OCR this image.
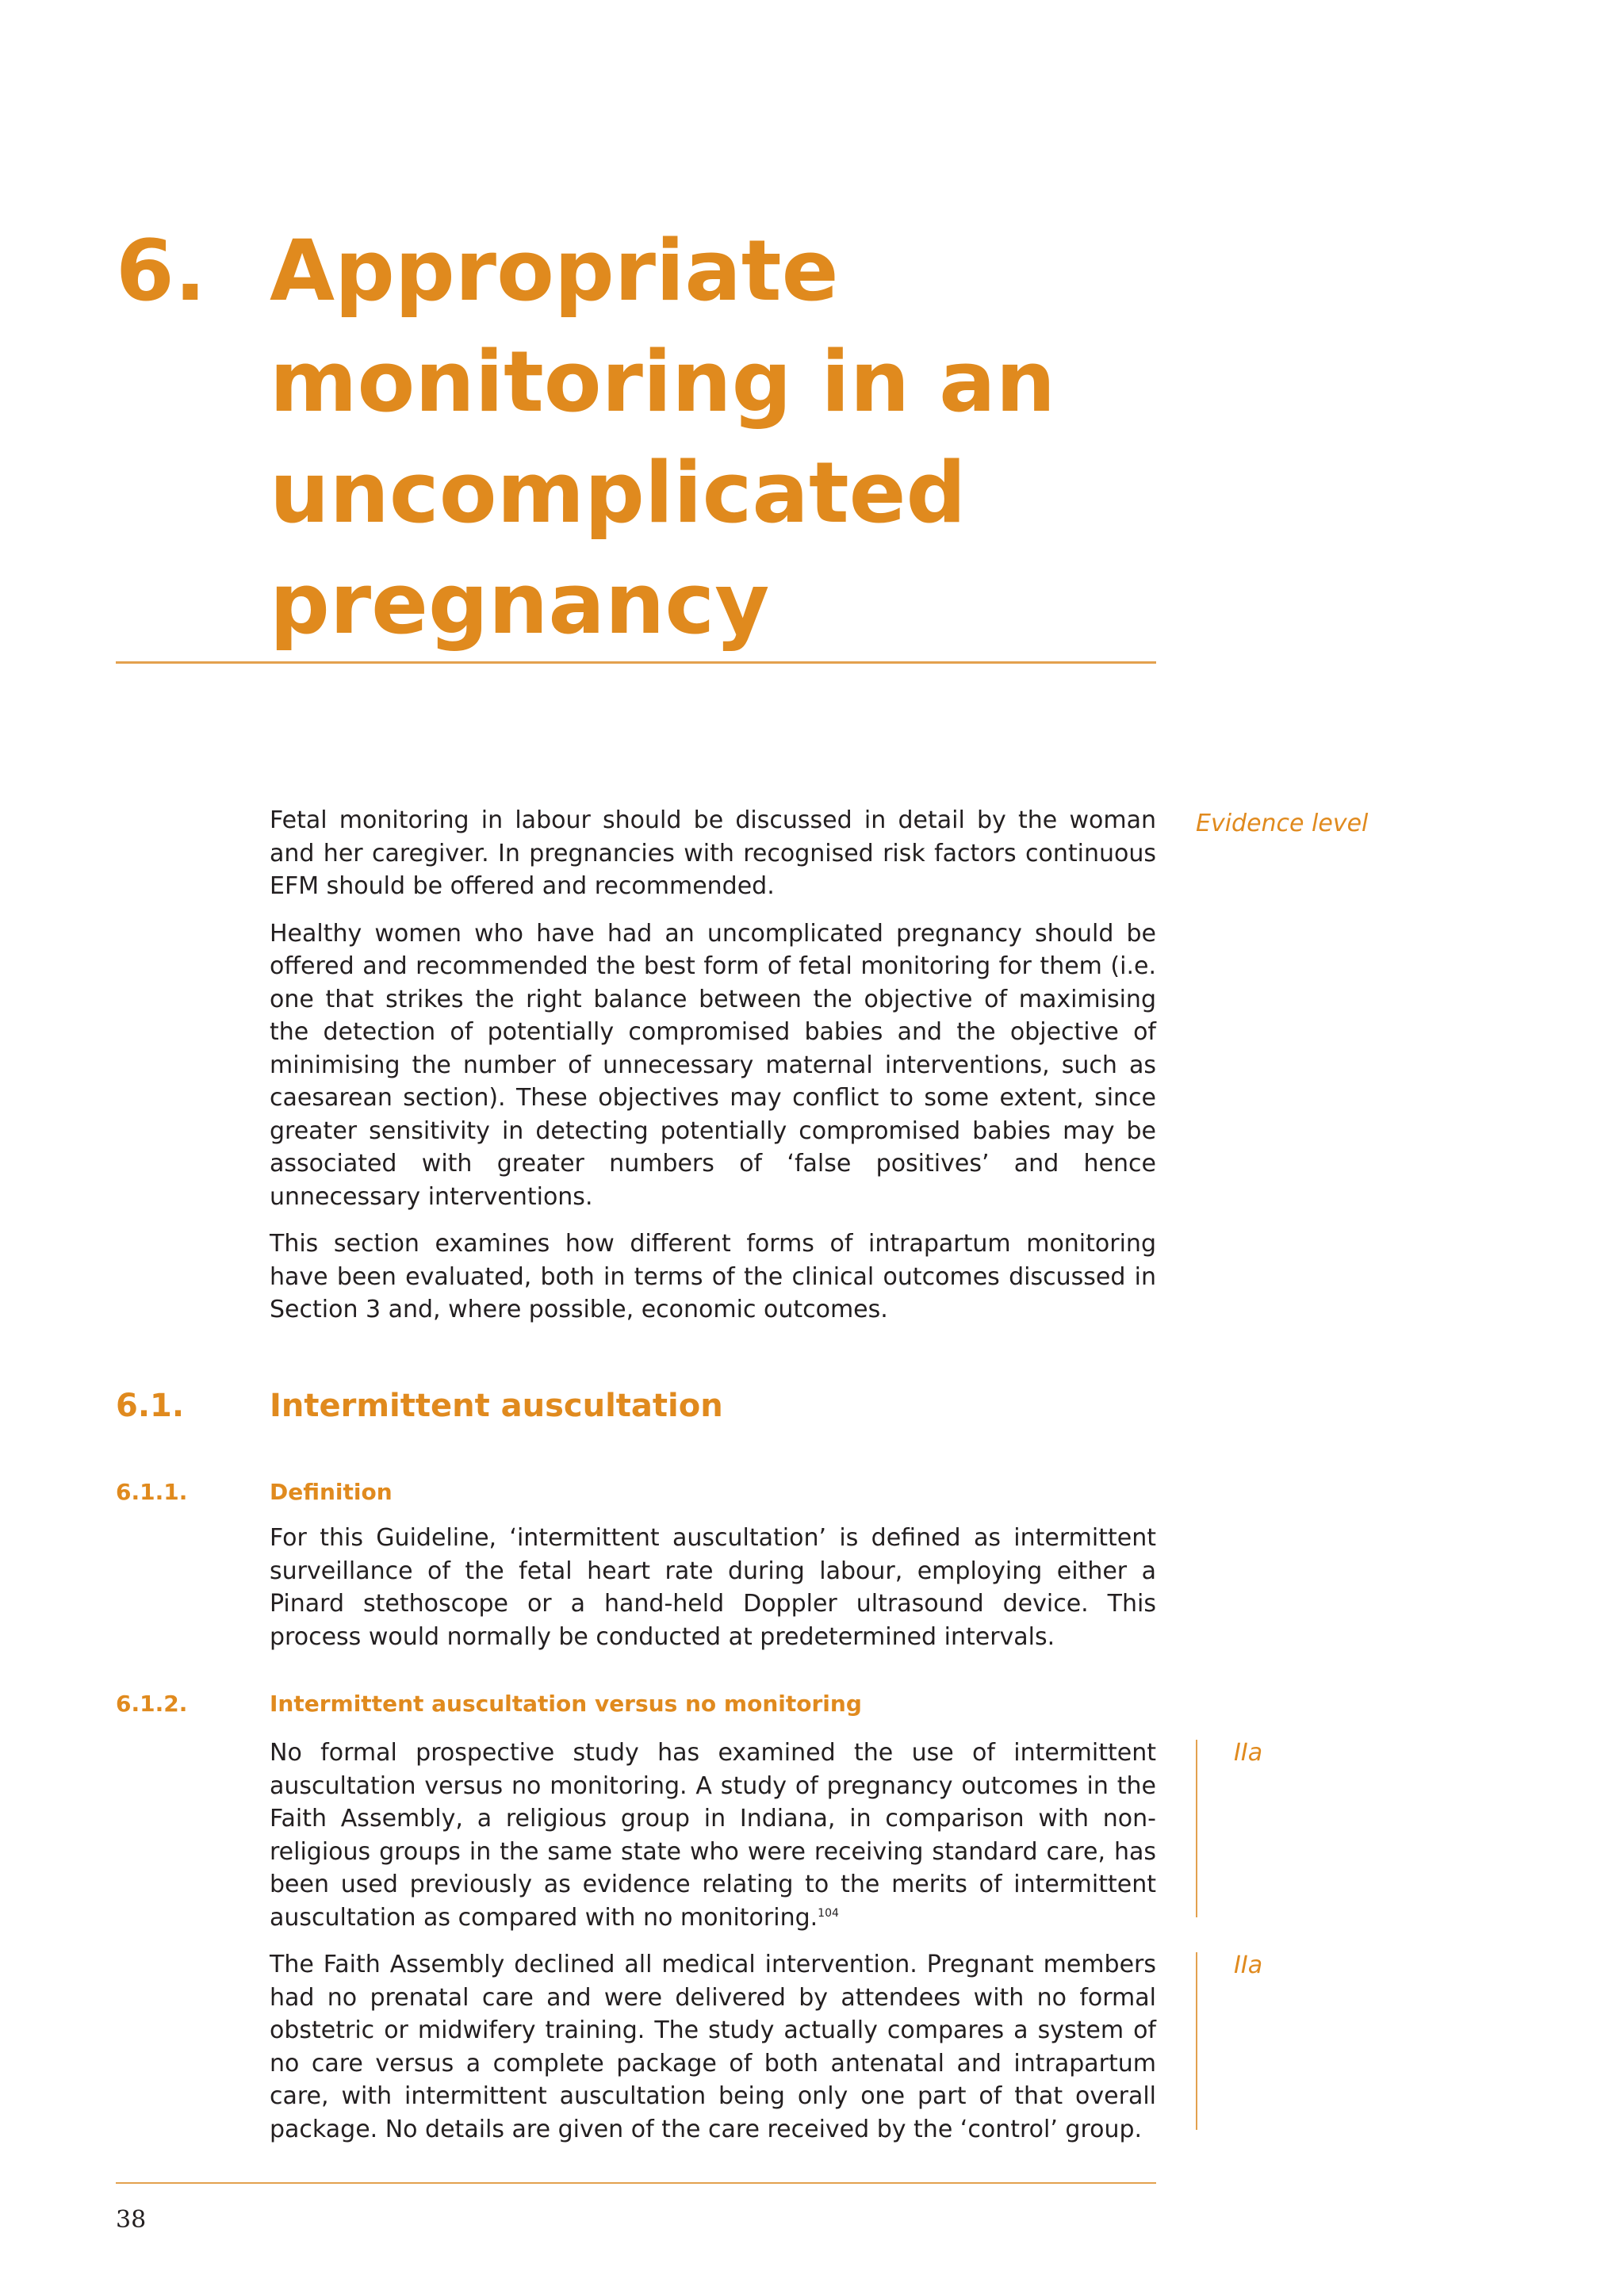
6. Appropriate
monitoring in an
uncomplicated
pregnancy
Evidence level

Fetal monitoring in labour should be discussed in detail by the woman and her caregiver. In pregnancies with recognised risk factors continuous EFM should be offered and recommended.

Healthy women who have had an uncomplicated pregnancy should be offered and recommended the best form of fetal monitoring for them (i.e. one that strikes the right balance between the objective of maximising the detection of potentially compromised babies and the objective of minimising the number of unnecessary maternal interventions, such as caesarean section). These objectives may conflict to some extent, since greater sensitivity in detecting potentially compromised babies may be associated with greater numbers of ‘false positives’ and hence unnecessary interventions.

This section examines how different forms of intrapartum monitoring have been evaluated, both in terms of the clinical outcomes discussed in Section 3 and, where possible, economic outcomes.

6.1.	Intermittent auscultation
6.1.1.	Definition

For this Guideline, ‘intermittent auscultation’ is defined as intermittent surveillance of the fetal heart rate during labour, employing either a Pinard stethoscope or a hand-held Doppler ultrasound device. This process would normally be conducted at predetermined intervals.

6.1.2.	Intermittent auscultation versus no monitoring

No formal prospective study has examined the use of intermittent auscultation versus no monitoring. A study of pregnancy outcomes in the Faith Assembly, a religious group in Indiana, in comparison with non-religious groups in the same state who were receiving standard care, has been used previously as evidence relating to the merits of intermittent auscultation as compared with no monitoring.$^{104}$

The Faith Assembly declined all medical intervention. Pregnant members had no prenatal care and were delivered by attendees with no formal obstetric or midwifery training. The study actually compares a system of no care versus a complete package of both antenatal and intrapartum care, with intermittent auscultation being only one part of that overall package. No details are given of the care received by the ‘control’ group.

IIa
IIa
38
